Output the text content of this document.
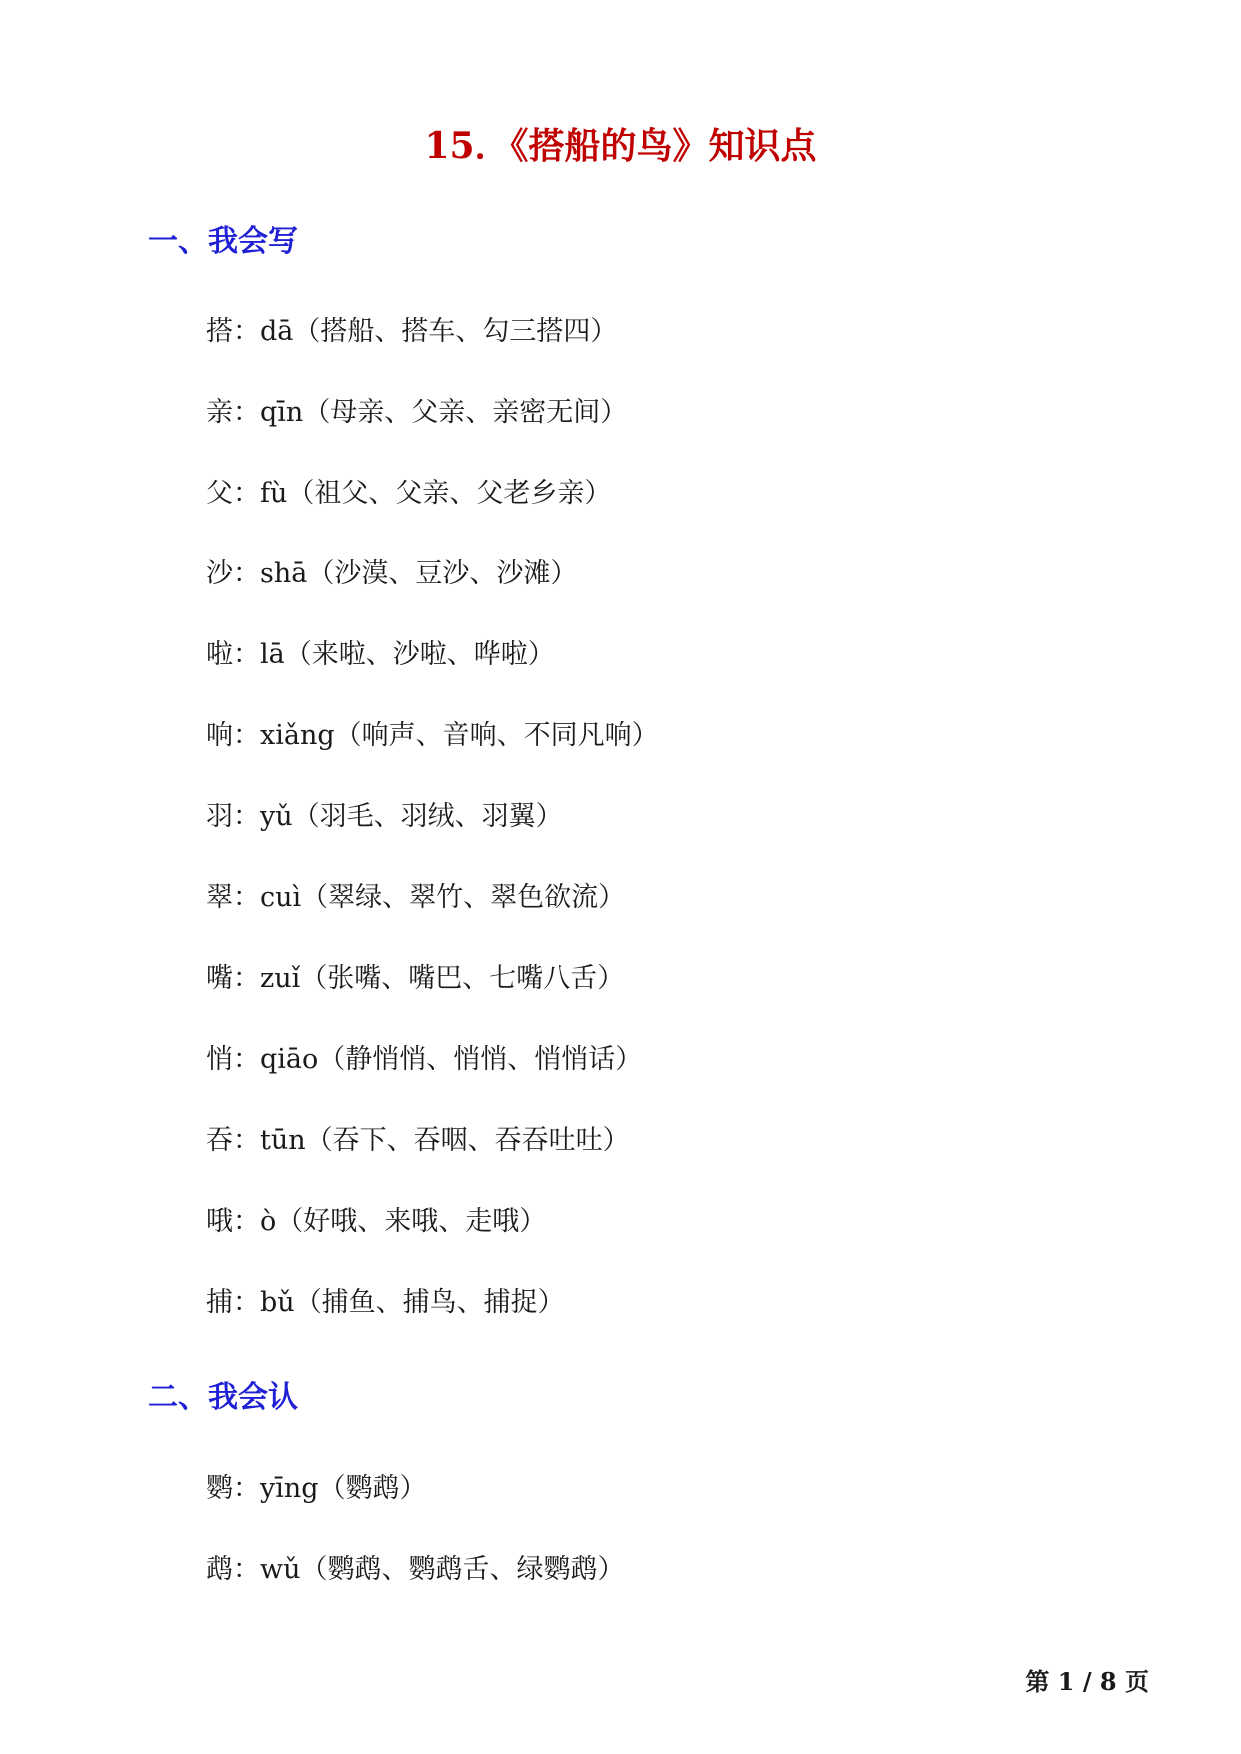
15．《搭船的鸟》知识点
一、我会写
搭：dā（搭船、搭车、勾三搭四）
亲：qīn（母亲、父亲、亲密无间）
父：fù（祖父、父亲、父老乡亲）
沙：shā（沙漠、豆沙、沙滩）
啦：lā（来啦、沙啦、哗啦）
响：xiǎng（响声、音响、不同凡响）
羽：yǔ（羽毛、羽绒、羽翼）
翠：cuì（翠绿、翠竹、翠色欲流）
嘴：zuǐ（张嘴、嘴巴、七嘴八舌）
悄：qiāo（静悄悄、悄悄、悄悄话）
吞：tūn（吞下、吞咽、吞吞吐吐）
哦：ò（好哦、来哦、走哦）
捕：bǔ（捕鱼、捕鸟、捕捉）
二、我会认
鹦：yīng（鹦鹉）
鹉：wǔ（鹦鹉、鹦鹉舌、绿鹦鹉）
第 1 / 8 页
